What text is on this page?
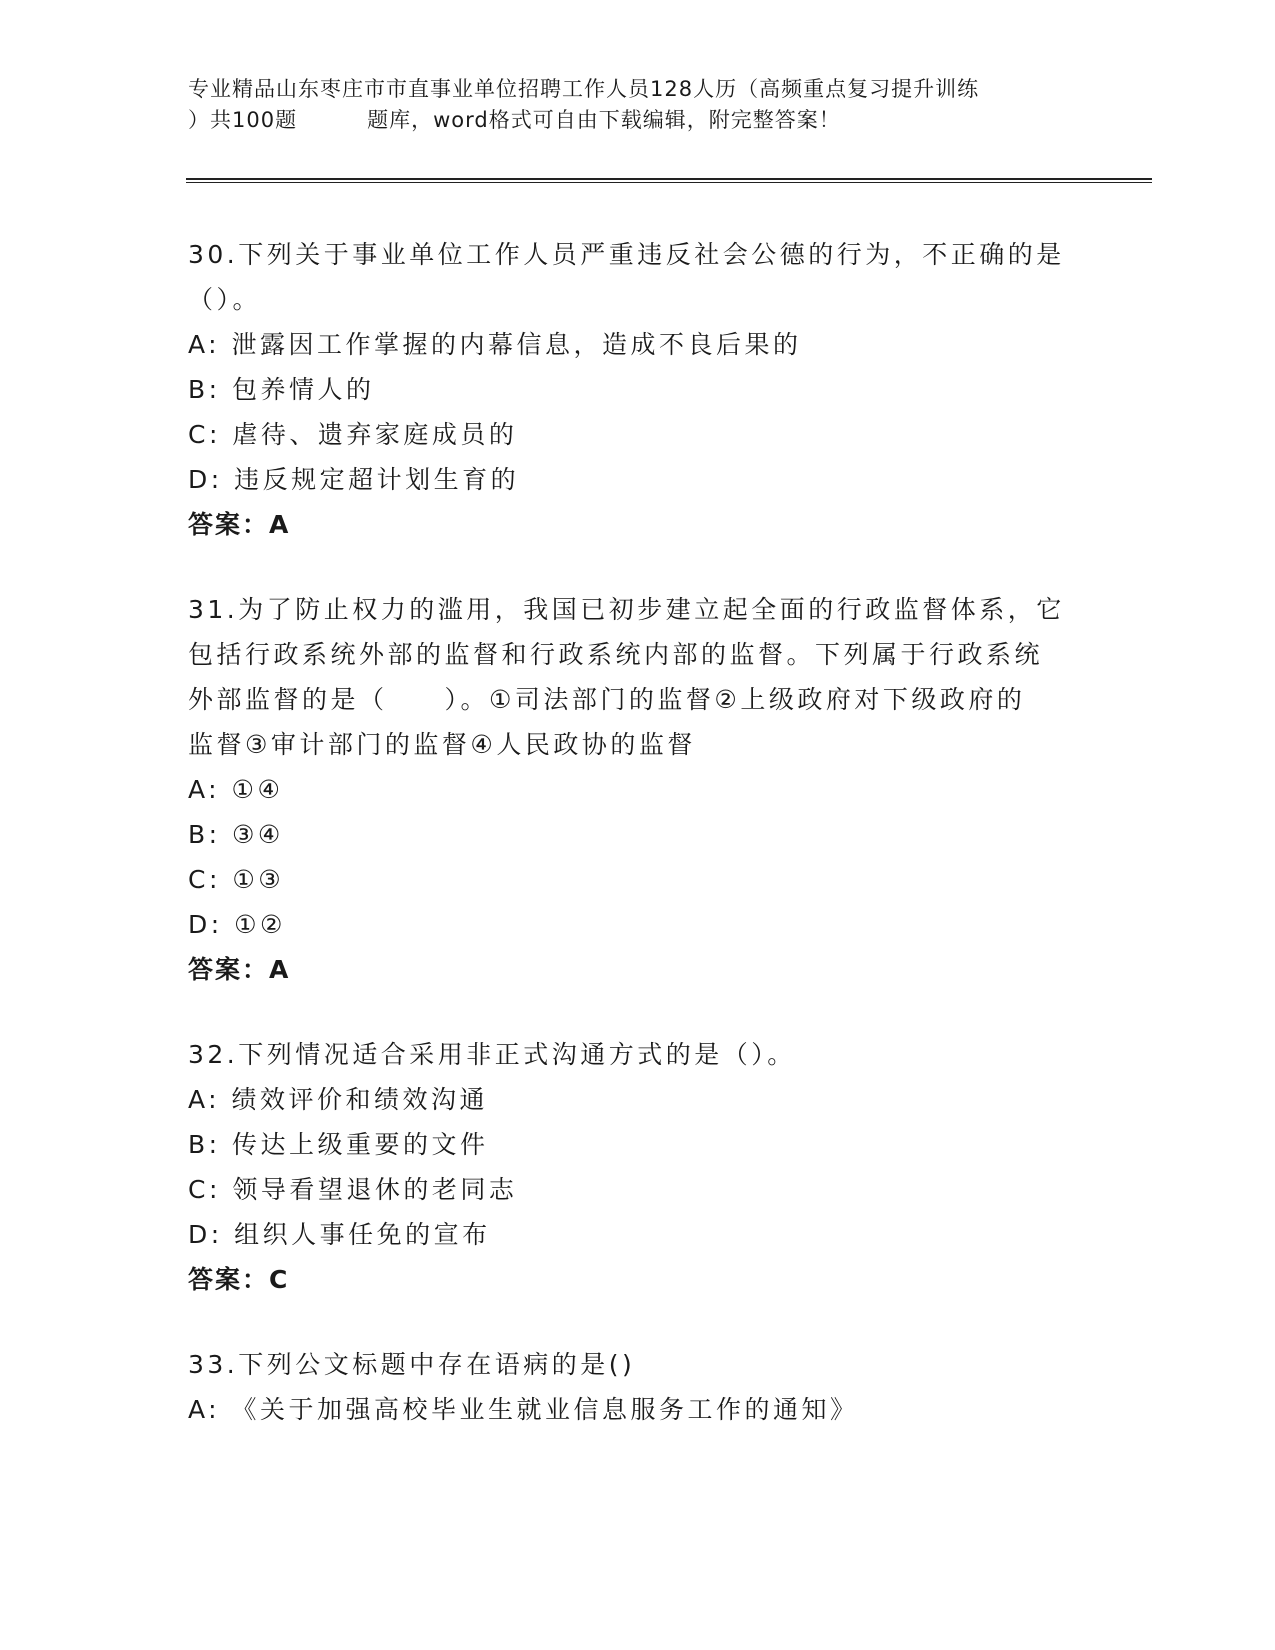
专业精品山东枣庄市市直事业单位招聘工作人员128人历（高频重点复习提升训练
）共100题	题库，word格式可自由下载编辑，附完整答案！
30.下列关于事业单位工作人员严重违反社会公德的行为，不正确的是
（）。
A: 泄露因工作掌握的内幕信息，造成不良后果的
B: 包养情人的
C: 虐待、遗弃家庭成员的
D: 违反规定超计划生育的
答案：A
31.为了防止权力的滥用，我国已初步建立起全面的行政监督体系，它
包括行政系统外部的监督和行政系统内部的监督。下列属于行政系统
外部监督的是（　　）。①司法部门的监督②上级政府对下级政府的
监督③审计部门的监督④人民政协的监督
A: ①④
B: ③④
C: ①③
D: ①②
答案：A
32.下列情况适合采用非正式沟通方式的是（）。
A: 绩效评价和绩效沟通
B: 传达上级重要的文件
C: 领导看望退休的老同志
D: 组织人事任免的宣布
答案：C
33.下列公文标题中存在语病的是()
A: 《关于加强高校毕业生就业信息服务工作的通知》
